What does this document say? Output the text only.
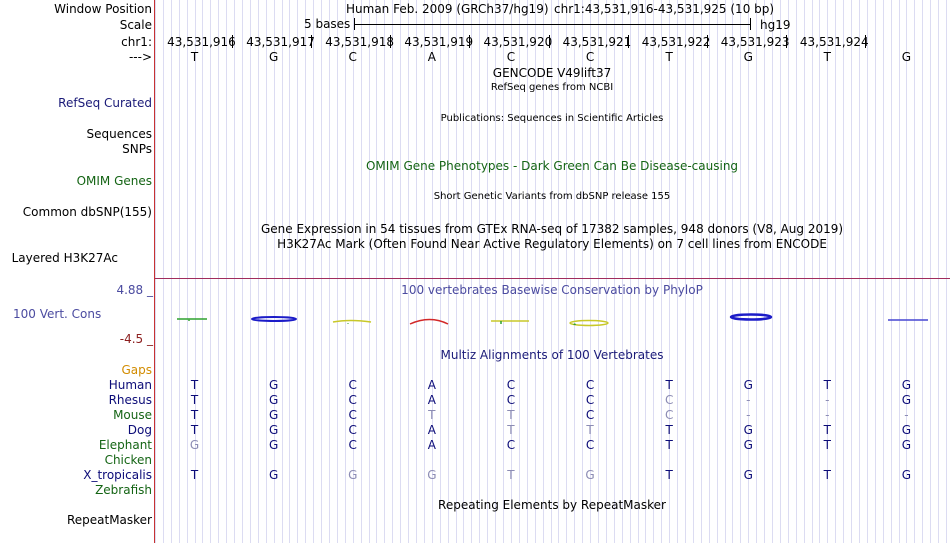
Window Position	Human Feb. 2009 (GRCh37/hg19) chr1:43,531,916-43,531,925 (10 bp)
Scale	5 bases	hg19
chr1: 43,531,916 43,531,917 43,531,918 43,531,919 43,531,920 43,531,921 43,531,922 43,531,923 43,531,924
--->	T	G	C	A	C	C	T	G	T	G
GENCODE V49lift37
RefSeq genes from NCBI
RefSeq Curated
Publications: Sequences in Scientific Articles
Sequences
SNPs
OMIM Gene Phenotypes - Dark Green Can Be Disease-causing
OMIM Genes
Short Genetic Variants from dbSNP release 155
Common dbSNP(155)
Gene Expression in 54 tissues from GTEx RNA-seq of 17382 samples, 948 donors (V8, Aug 2019)
H3K27Ac Mark (Often Found Near Active Regulatory Elements) on 7 cell lines from ENCODE
Layered H3K27Ac
4.88 _	100 vertebrates Basewise Conservation by PhyloP
100 Vert. Cons
-4.5 _
Multiz Alignments of 100 Vertebrates
Gaps
Human	T	G	C	A	C	C	T	G	T	G
Rhesus	T	G	C	A	C	C	C	-	-	G
Mouse	T	G	C	T	T	C	C	-	-	-
Dog	T	G	C	A	T	T	T	G	T	G
Elephant	G	G	C	A	C	C	T	G	T	G
Chicken
X_tropicalis	T	G	G	G	T	G	T	G	T	G
Zebrafish
Repeating Elements by RepeatMasker
RepeatMasker
